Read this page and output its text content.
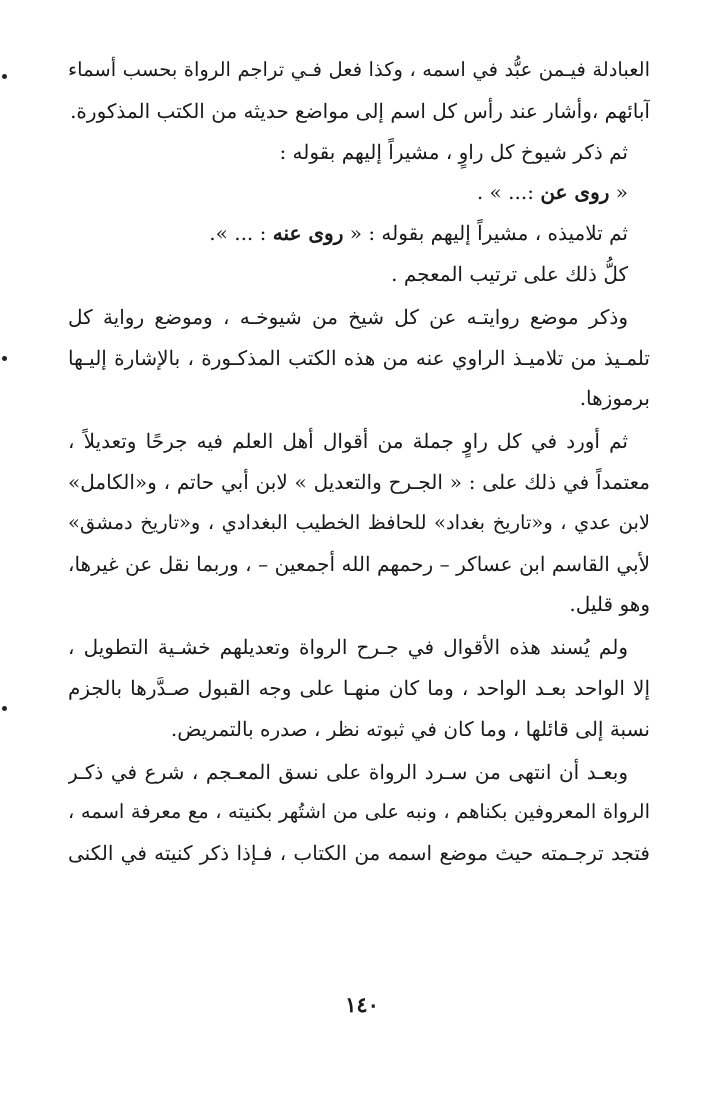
العبادلة فيـمن عبُّد في اسمه ، وكذا فعل فـي تراجم الرواة بحسب أسماء
آبائهم ،وأشار عند رأس كل اسم إلى مواضع حديثه من الكتب المذكورة.
ثم ذكر شيوخ كل راوٍ ، مشيراً إليهم بقوله :
« روى عن :... » .
ثم تلاميذه ، مشيراً إليهم بقوله : « روى عنه : ... ».
كلُّ ذلك على ترتيب المعجم .
وذكر موضع روايتـه عن كل شيخ من شيوخـه ، وموضع رواية كل
تلمـيذ من تلاميـذ الراوي عنه من هذه الكتب المذكـورة ، بالإشارة إليـها
برموزها.
ثم أورد في كل راوٍ جملة من أقوال أهل العلم فيه جرحًا وتعديلاً ،
معتمداً في ذلك على : « الجـرح والتعديل » لابن أبي حاتم ، و«الكامل»
لابن عدي ، و«تاريخ بغداد» للحافظ الخطيب البغدادي ، و«تاريخ دمشق»
لأبي القاسم ابن عساكر – رحمهم الله أجمعين – ، وربما نقل عن غيرها،
وهو قليل.
ولم يُسند هذه الأقوال في جـرح الرواة وتعديلهم خشـية التطويل ،
إلا الواحد بعـد الواحد ، وما كان منهـا على وجه القبول صـدَّرها بالجزم
نسبة إلى قائلها ، وما كان في ثبوته نظر ، صدره بالتمريض.
وبعـد أن انتهى من سـرد الرواة على نسق المعـجم ، شرع في ذكـر
الرواة المعروفين بكناهم ، ونبه على من اشتُهر بكنيته ، مع معرفة اسمه ،
فتجد ترجـمته حيث موضع اسمه من الكتاب ، فـإذا ذكر كنيته في الكنى
١٤٠
